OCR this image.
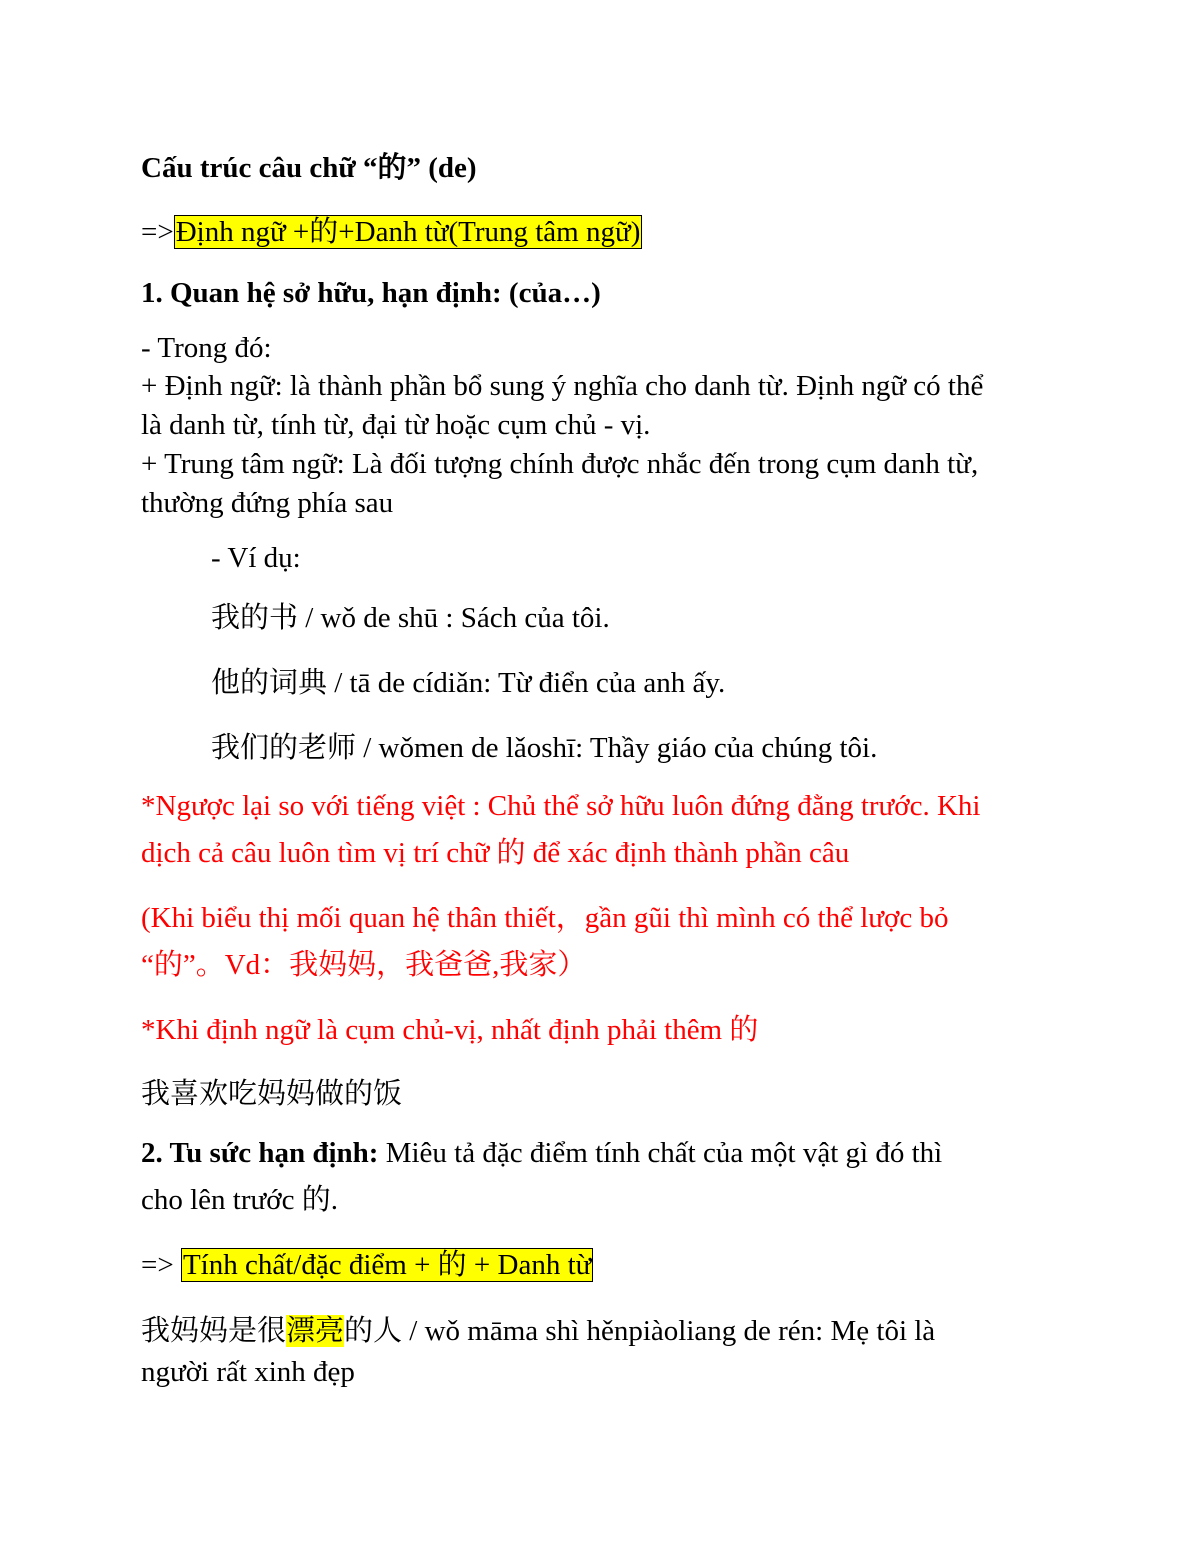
Cấu trúc câu chữ “的” (de)

=>Định ngữ +的+Danh từ(Trung tâm ngữ)

1. Quan hệ sở hữu, hạn định: (của…)

- Trong đó:

+ Định ngữ: là thành phần bổ sung ý nghĩa cho danh từ. Định ngữ có thể

là danh từ, tính từ, đại từ hoặc cụm chủ - vị.

+ Trung tâm ngữ: Là đối tượng chính được nhắc đến trong cụm danh từ,

thường đứng phía sau

- Ví dụ:

我的书 / wǒ de shū : Sách của tôi.

他的词典 / tā de cídiǎn: Từ điển của anh ấy.

我们的老师 / wǒmen de lǎoshī: Thầy giáo của chúng tôi.

*Ngược lại so với tiếng việt : Chủ thể sở hữu luôn đứng đằng trước. Khi

dịch cả câu luôn tìm vị trí chữ 的 để xác định thành phần câu

(Khi biểu thị mối quan hệ thân thiết，gần gũi thì mình có thể lược bỏ

“的”。Vd：我妈妈，我爸爸,我家）

*Khi định ngữ là cụm chủ-vị, nhất định phải thêm 的

我喜欢吃妈妈做的饭

2. Tu sức hạn định: Miêu tả đặc điểm tính chất của một vật gì đó thì

cho lên trước 的.

=> Tính chất/đặc điểm + 的 + Danh từ

我妈妈是很漂亮的人 / wǒ māma shì hěnpiàoliang de rén: Mẹ tôi là

người rất xinh đẹp
